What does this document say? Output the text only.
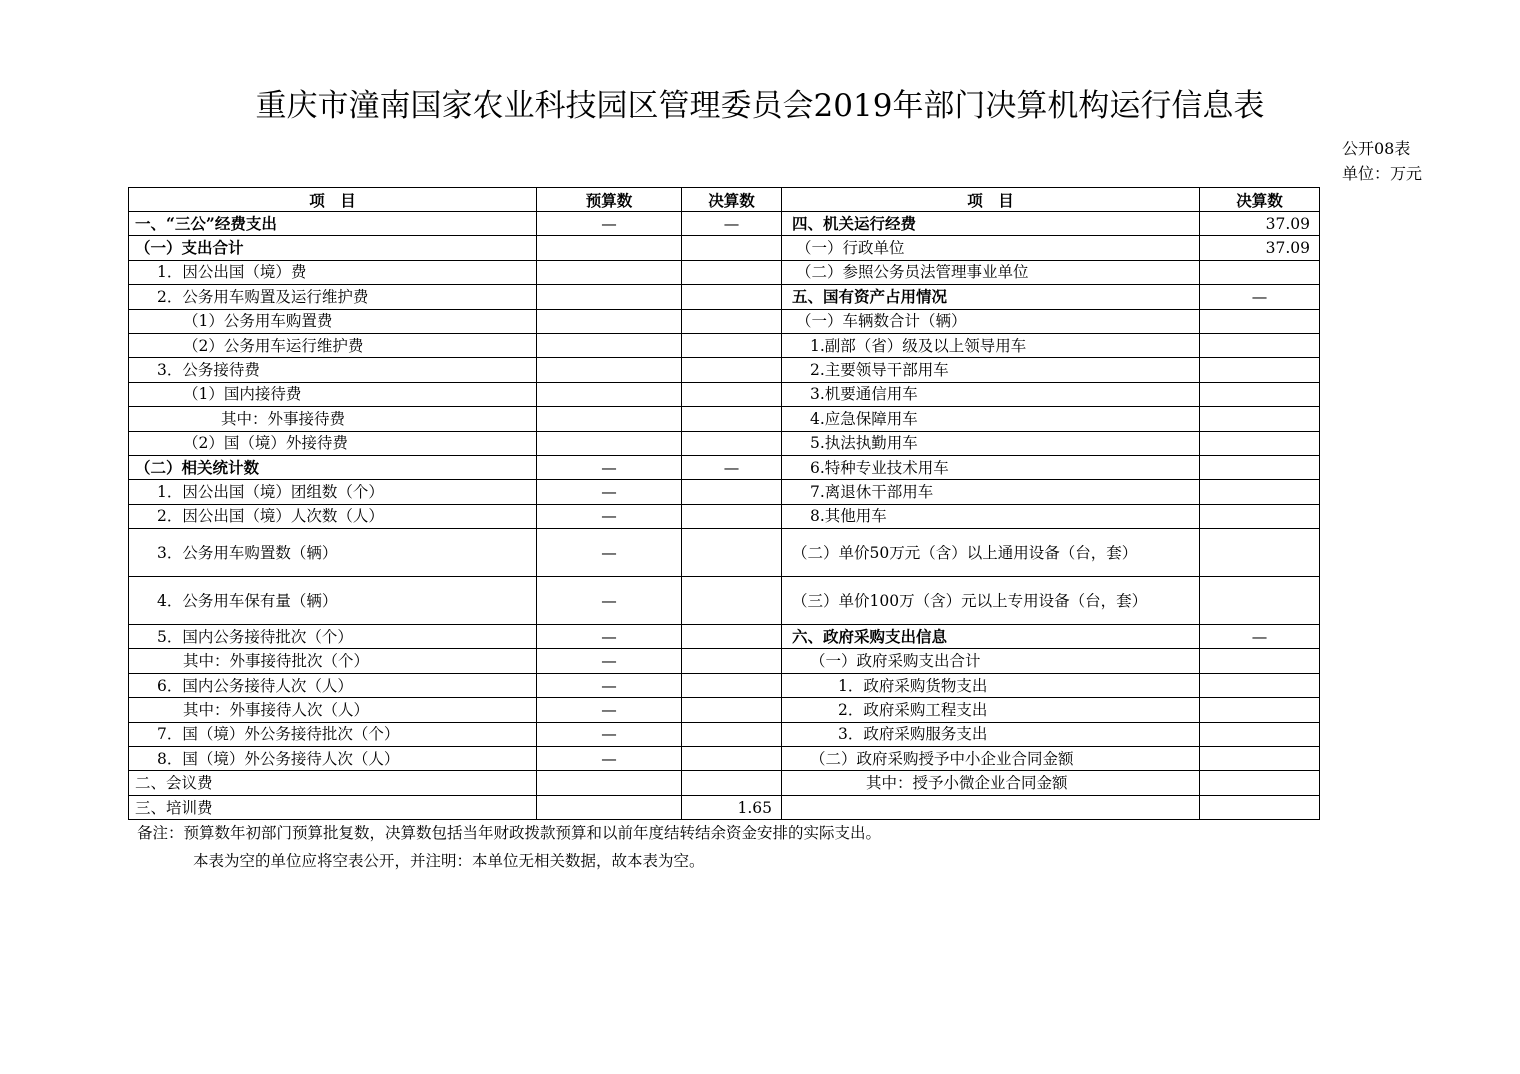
重庆市潼南国家农业科技园区管理委员会2019年部门决算机构运行信息表
公开08表
单位：万元
项　目	预算数	决算数	项　目	决算数
一、“三公”经费支出	—	—	四、机关运行经费	37.09
（一）支出合计			（一）行政单位	37.09
1．因公出国（境）费			（二）参照公务员法管理事业单位	
2．公务用车购置及运行维护费			五、国有资产占用情况	—
（1）公务用车购置费			（一）车辆数合计（辆）	
（2）公务用车运行维护费			1.副部（省）级及以上领导用车	
3．公务接待费			2.主要领导干部用车	
（1）国内接待费			3.机要通信用车	
其中：外事接待费			4.应急保障用车	
（2）国（境）外接待费			5.执法执勤用车	
（二）相关统计数	—	—	6.特种专业技术用车	
1．因公出国（境）团组数（个）	—		7.离退休干部用车	
2．因公出国（境）人次数（人）	—		8.其他用车	
3．公务用车购置数（辆）	—		（二）单价50万元（含）以上通用设备（台，套）	
4．公务用车保有量（辆）	—		（三）单价100万（含）元以上专用设备（台，套）	
5．国内公务接待批次（个）	—		六、政府采购支出信息	—
其中：外事接待批次（个）	—		（一）政府采购支出合计	
6．国内公务接待人次（人）	—		1．政府采购货物支出	
其中：外事接待人次（人）	—		2．政府采购工程支出	
7．国（境）外公务接待批次（个）	—		3．政府采购服务支出	
8．国（境）外公务接待人次（人）	—		（二）政府采购授予中小企业合同金额	
二、会议费			其中：授予小微企业合同金额	
三、培训费		1.65		
备注：预算数年初部门预算批复数，决算数包括当年财政拨款预算和以前年度结转结余资金安排的实际支出。
本表为空的单位应将空表公开，并注明：本单位无相关数据，故本表为空。
